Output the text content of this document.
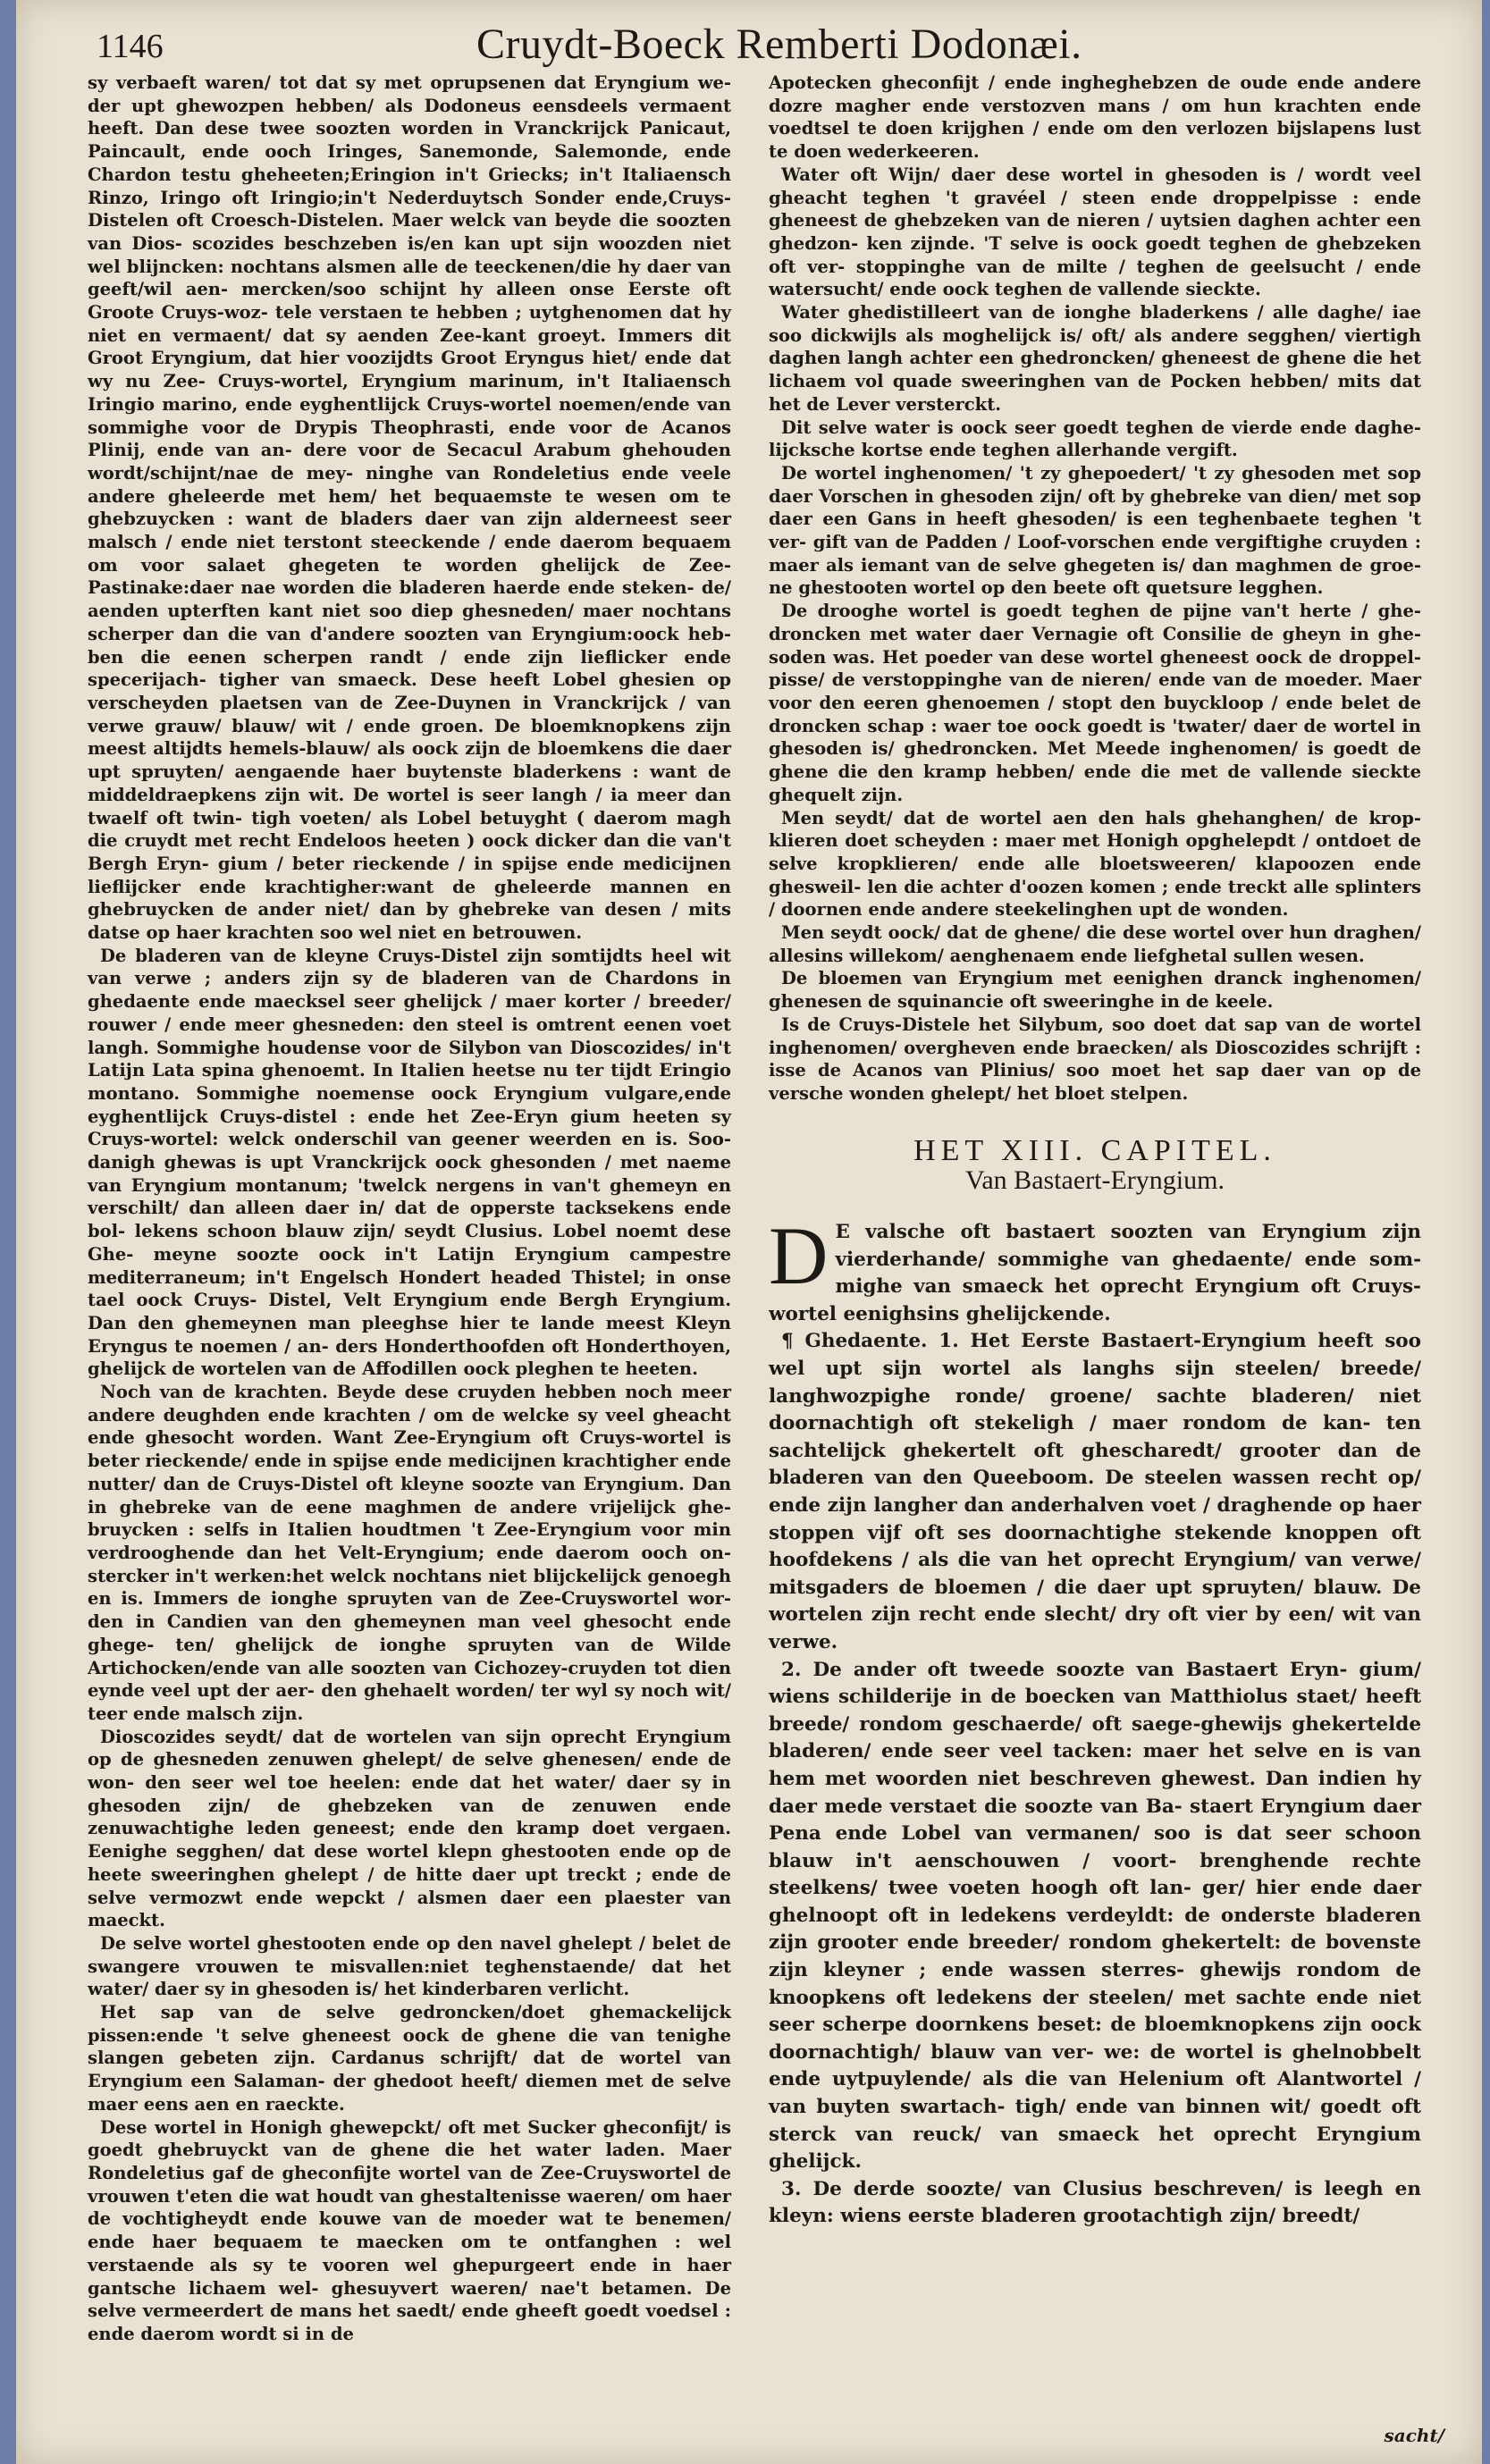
1146	Cruydt-Boeck Remberti Dodonæi.

sy verbaeft waren/ tot dat sy met oprupsenen dat Eryngium we- der upt ghewozpen hebben/ als Dodoneus eensdeels vermaent heeft. Dan dese twee soozten worden in Vranckrijck Panicaut, Paincault, ende ooch Iringes, Sanemonde, Salemonde, ende Chardon testu gheheeten;Eringion in't Griecks; in't Italiaensch Rinzo, Iringo oft Iringio;in't Nederduytsch Sonder ende,Cruys-Distelen oft Croesch-Distelen. Maer welck van beyde die soozten van Dios- scozides beschzeben is/en kan upt sijn woozden niet wel blijncken: nochtans alsmen alle de teeckenen/die hy daer van geeft/wil aen- mercken/soo schijnt hy alleen onse Eerste oft Groote Cruys-woz- tele verstaen te hebben ; uytghenomen dat hy niet en vermaent/ dat sy aenden Zee-kant groeyt. Immers dit Groot Eryngium, dat hier voozijdts Groot Eryngus hiet/ ende dat wy nu Zee- Cruys-wortel, Eryngium marinum, in't Italiaensch Iringio marino, ende eyghentlijck Cruys-wortel noemen/ende van sommighe voor de Drypis Theophrasti, ende voor de Acanos Plinij, ende van an- dere voor de Secacul Arabum ghehouden wordt/schijnt/nae de mey- ninghe van Rondeletius ende veele andere gheleerde met hem/ het bequaemste te wesen om te ghebzuycken : want de bladers daer van zijn alderneest seer malsch / ende niet terstont steeckende / ende daerom bequaem om voor salaet ghegeten te worden ghelijck de Zee-Pastinake:daer nae worden die bladeren haerde ende steken- de/ aenden upterften kant niet soo diep ghesneden/ maer nochtans scherper dan die van d'andere soozten van Eryngium:oock heb- ben die eenen scherpen randt / ende zijn lieflicker ende specerijach- tigher van smaeck. Dese heeft Lobel ghesien op verscheyden plaetsen van de Zee-Duynen in Vranckrijck / van verwe grauw/ blauw/ wit / ende groen. De bloemknopkens zijn meest altijdts hemels-blauw/ als oock zijn de bloemkens die daer upt spruyten/ aengaende haer buytenste bladerkens : want de middeldraepkens zijn wit. De wortel is seer langh / ia meer dan twaelf oft twin- tigh voeten/ als Lobel betuyght ( daerom magh die cruydt met recht Endeloos heeten ) oock dicker dan die van't Bergh Eryn- gium / beter rieckende / in spijse ende medicijnen lieflijcker ende krachtigher:want de gheleerde mannen en ghebruycken de ander niet/ dan by ghebreke van desen / mits datse op haer krachten soo wel niet en betrouwen.

De bladeren van de kleyne Cruys-Distel zijn somtijdts heel wit van verwe ; anders zijn sy de bladeren van de Chardons in ghedaente ende maecksel seer ghelijck / maer korter / breeder/ rouwer / ende meer ghesneden: den steel is omtrent eenen voet langh. Sommighe houdense voor de Silybon van Dioscozides/ in't Latijn Lata spina ghenoemt. In Italien heetse nu ter tijdt Eringio montano. Sommighe noemense oock Eryngium vulgare,ende eyghentlijck Cruys-distel : ende het Zee-Eryn gium heeten sy Cruys-wortel: welck onderschil van geener weerden en is. Soo- danigh ghewas is upt Vranckrijck oock ghesonden / met naeme van Eryngium montanum; 'twelck nergens in van't ghemeyn en verschilt/ dan alleen daer in/ dat de opperste tacksekens ende bol- lekens schoon blauw zijn/ seydt Clusius. Lobel noemt dese Ghe- meyne soozte oock in't Latijn Eryngium campestre mediterraneum; in't Engelsch Hondert headed Thistel; in onse tael oock Cruys- Distel, Velt Eryngium ende Bergh Eryngium. Dan den ghemeynen man pleeghse hier te lande meest Kleyn Eryngus te noemen / an- ders Honderthoofden oft Honderthoyen, ghelijck de wortelen van de Affodillen oock pleghen te heeten.

Noch van de krachten. Beyde dese cruyden hebben noch meer andere deughden ende krachten / om de welcke sy veel gheacht ende ghesocht worden. Want Zee-Eryngium oft Cruys-wortel is beter rieckende/ ende in spijse ende medicijnen krachtigher ende nutter/ dan de Cruys-Distel oft kleyne soozte van Eryngium. Dan in ghebreke van de eene maghmen de andere vrijelijck ghe- bruycken : selfs in Italien houdtmen 't Zee-Eryngium voor min verdrooghende dan het Velt-Eryngium; ende daerom ooch on- stercker in't werken:het welck nochtans niet blijckelijck genoegh en is. Immers de ionghe spruyten van de Zee-Cruyswortel wor- den in Candien van den ghemeynen man veel ghesocht ende ghege- ten/ ghelijck de ionghe spruyten van de Wilde Artichocken/ende van alle soozten van Cichozey-cruyden tot dien eynde veel upt der aer- den ghehaelt worden/ ter wyl sy noch wit/ teer ende malsch zijn.

Dioscozides seydt/ dat de wortelen van sijn oprecht Eryngium op de ghesneden zenuwen ghelept/ de selve ghenesen/ ende de won- den seer wel toe heelen: ende dat het water/ daer sy in ghesoden zijn/ de ghebzeken van de zenuwen ende zenuwachtighe leden geneest; ende den kramp doet vergaen. Eenighe segghen/ dat dese wortel klepn ghestooten ende op de heete sweeringhen ghelept / de hitte daer upt treckt ; ende de selve vermozwt ende wepckt / alsmen daer een plaester van maeckt.

De selve wortel ghestooten ende op den navel ghelept / belet de swangere vrouwen te misvallen:niet teghenstaende/ dat het water/ daer sy in ghesoden is/ het kinderbaren verlicht.

Het sap van de selve gedroncken/doet ghemackelijck pissen:ende 't selve gheneest oock de ghene die van tenighe slangen gebeten zijn. Cardanus schrijft/ dat de wortel van Eryngium een Salaman- der ghedoot heeft/ diemen met de selve maer eens aen en raeckte.

Dese wortel in Honigh ghewepckt/ oft met Sucker gheconfijt/ is goedt ghebruyckt van de ghene die het water laden. Maer Rondeletius gaf de gheconfijte wortel van de Zee-Cruyswortel de vrouwen t'eten die wat houdt van ghestaltenisse waeren/ om haer de vochtigheydt ende kouwe van de moeder wat te benemen/ ende haer bequaem te maecken om te ontfanghen : wel verstaende als sy te vooren wel ghepurgeert ende in haer gantsche lichaem wel- ghesuyvert waeren/ nae't betamen. De selve vermeerdert de mans het saedt/ ende gheeft goedt voedsel : ende daerom wordt si in de

Apotecken gheconfijt / ende ingheghebzen de oude ende andere dozre magher ende verstozven mans / om hun krachten ende voedtsel te doen krijghen / ende om den verlozen bijslapens lust te doen wederkeeren.

Water oft Wijn/ daer dese wortel in ghesoden is / wordt veel gheacht teghen 't gravéel / steen ende droppelpisse : ende gheneest de ghebzeken van de nieren / uytsien daghen achter een ghedzon- ken zijnde. 'T selve is oock goedt teghen de ghebzeken oft ver- stoppinghe van de milte / teghen de geelsucht / ende watersucht/ ende oock teghen de vallende sieckte.

Water ghedistilleert van de ionghe bladerkens / alle daghe/ iae soo dickwijls als moghelijck is/ oft/ als andere segghen/ viertigh daghen langh achter een ghedroncken/ gheneest de ghene die het lichaem vol quade sweeringhen van de Pocken hebben/ mits dat het de Lever versterckt.

Dit selve water is oock seer goedt teghen de vierde ende daghe- lijcksche kortse ende teghen allerhande vergift.

De wortel inghenomen/ 't zy ghepoedert/ 't zy ghesoden met sop daer Vorschen in ghesoden zijn/ oft by ghebreke van dien/ met sop daer een Gans in heeft ghesoden/ is een teghenbaete teghen 't ver- gift van de Padden / Loof-vorschen ende vergiftighe cruyden : maer als iemant van de selve ghegeten is/ dan maghmen de groe- ne ghestooten wortel op den beete oft quetsure legghen.

De drooghe wortel is goedt teghen de pijne van't herte / ghe- droncken met water daer Vernagie oft Consilie de gheyn in ghe- soden was. Het poeder van dese wortel gheneest oock de droppel- pisse/ de verstoppinghe van de nieren/ ende van de moeder. Maer voor den eeren ghenoemen / stopt den buyckloop / ende belet de droncken schap : waer toe oock goedt is 'twater/ daer de wortel in ghesoden is/ ghedroncken. Met Meede inghenomen/ is goedt de ghene die den kramp hebben/ ende die met de vallende sieckte ghequelt zijn.

Men seydt/ dat de wortel aen den hals ghehanghen/ de krop- klieren doet scheyden : maer met Honigh opghelepdt / ontdoet de selve kropklieren/ ende alle bloetsweeren/ klapoozen ende ghesweil- len die achter d'oozen komen ; ende treckt alle splinters / doornen ende andere steekelinghen upt de wonden.

Men seydt oock/ dat de ghene/ die dese wortel over hun draghen/ allesins willekom/ aenghenaem ende liefghetal sullen wesen.

De bloemen van Eryngium met eenighen dranck inghenomen/ ghenesen de squinancie oft sweeringhe in de keele.

Is de Cruys-Distele het Silybum, soo doet dat sap van de wortel inghenomen/ overgheven ende braecken/ als Dioscozides schrijft : isse de Acanos van Plinius/ soo moet het sap daer van op de versche wonden ghelept/ het bloet stelpen.

HET XIII. CAPITEL.
Van Bastaert-Eryngium.

D E valsche oft bastaert soozten van Eryngium zijn vierderhande/ sommighe van ghedaente/ ende som- mighe van smaeck het oprecht Eryngium oft Cruys- wortel eenighsins ghelijckende.

¶ Ghedaente. 1. Het Eerste Bastaert-Eryngium heeft soo wel upt sijn wortel als langhs sijn steelen/ breede/ langhwozpighe ronde/ groene/ sachte bladeren/ niet doornachtigh oft stekeligh / maer rondom de kan- ten sachtelijck ghekertelt oft ghescharedt/ grooter dan de bladeren van den Queeboom. De steelen wassen recht op/ ende zijn langher dan anderhalven voet / draghende op haer stoppen vijf oft ses doornachtighe stekende knoppen oft hoofdekens / als die van het oprecht Eryngium/ van verwe/ mitsgaders de bloemen / die daer upt spruyten/ blauw. De wortelen zijn recht ende slecht/ dry oft vier by een/ wit van verwe.

2. De ander oft tweede soozte van Bastaert Eryn- gium/ wiens schilderije in de boecken van Matthiolus staet/ heeft breede/ rondom geschaerde/ oft saege-ghewijs ghekertelde bladeren/ ende seer veel tacken: maer het selve en is van hem met woorden niet beschreven ghewest. Dan indien hy daer mede verstaet die soozte van Ba- staert Eryngium daer Pena ende Lobel van vermanen/ soo is dat seer schoon blauw in't aenschouwen / voort- brenghende rechte steelkens/ twee voeten hoogh oft lan- ger/ hier ende daer ghelnoopt oft in ledekens verdeyldt: de onderste bladeren zijn grooter ende breeder/ rondom ghekertelt: de bovenste zijn kleyner ; ende wassen sterres- ghewijs rondom de knoopkens oft ledekens der steelen/ met sachte ende niet seer scherpe doornkens beset: de bloemknopkens zijn oock doornachtigh/ blauw van ver- we: de wortel is ghelnobbelt ende uytpuylende/ als die van Helenium oft Alantwortel / van buyten swartach- tigh/ ende van binnen wit/ goedt oft sterck van reuck/ van smaeck het oprecht Eryngium ghelijck.

3. De derde soozte/ van Clusius beschreven/ is leegh en kleyn: wiens eerste bladeren grootachtigh zijn/ breedt/

sacht/
